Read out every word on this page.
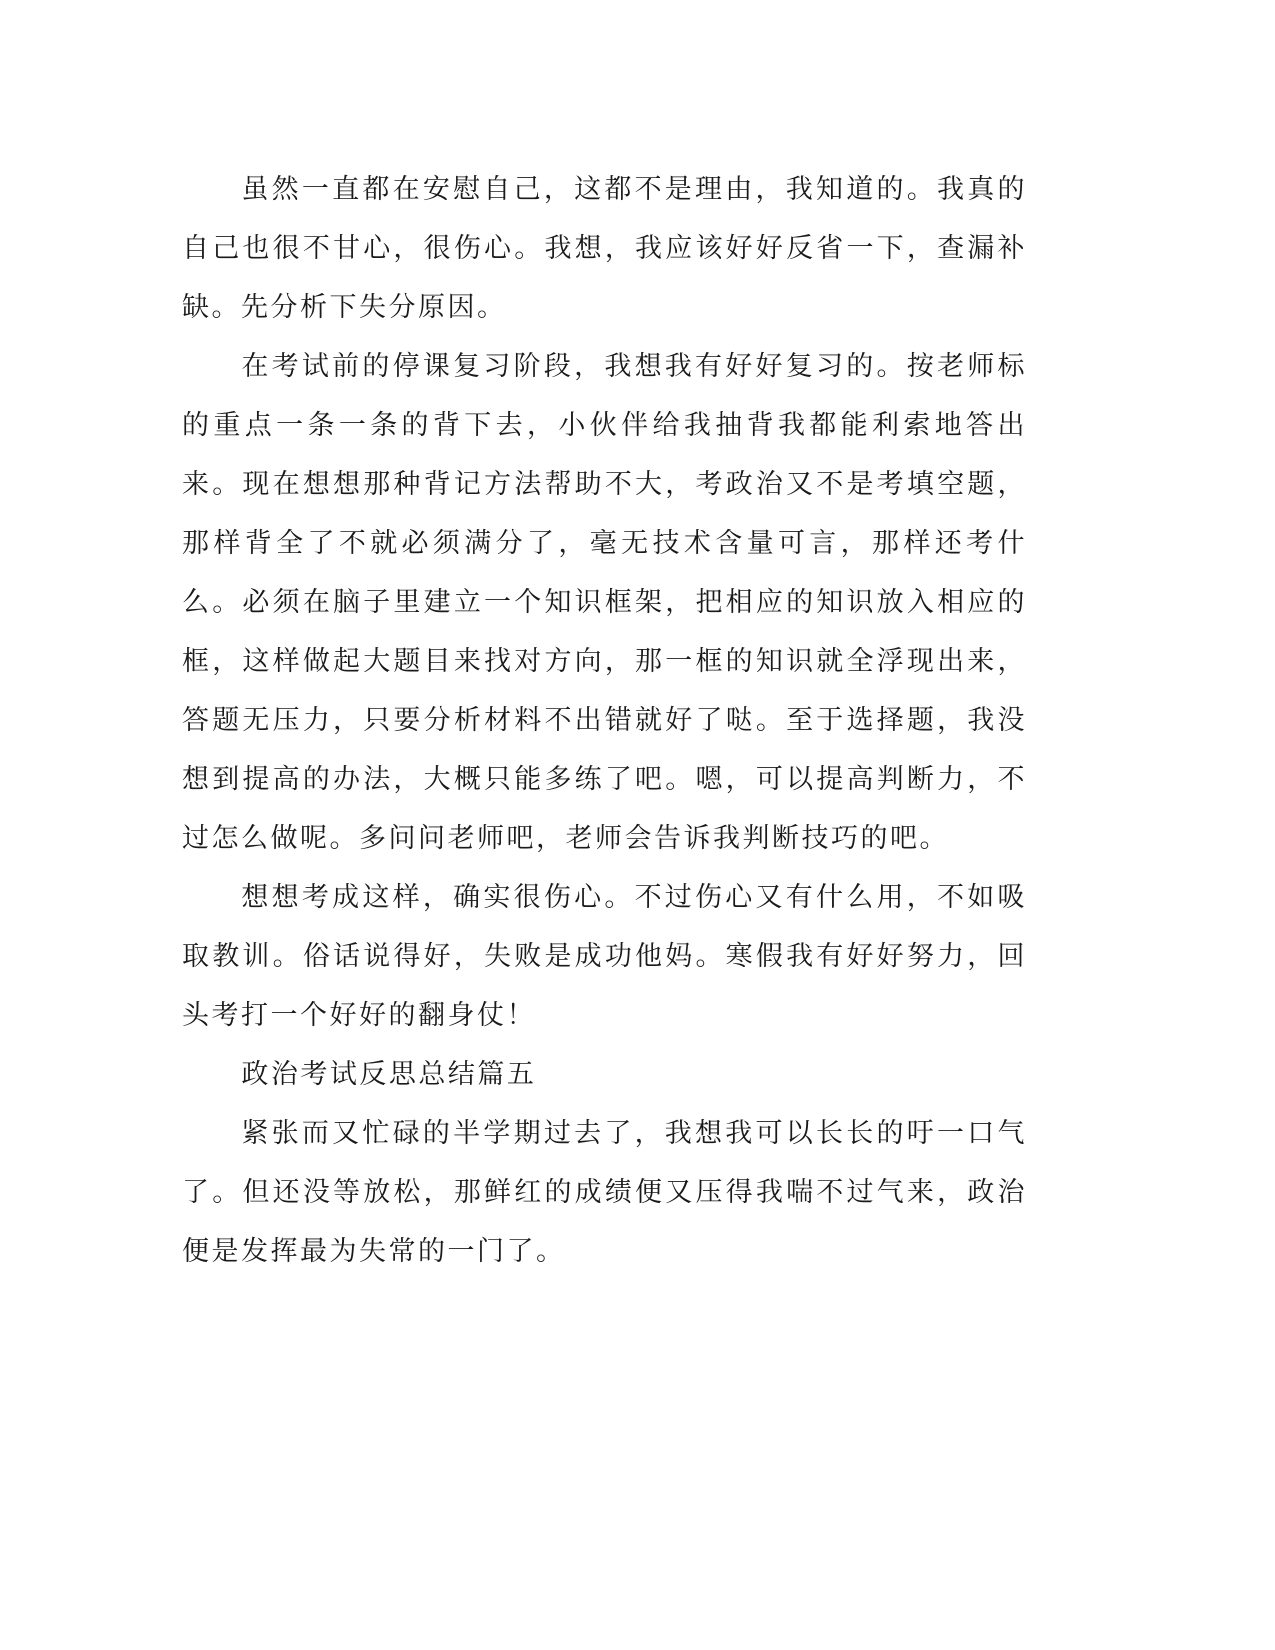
虽然一直都在安慰自己，这都不是理由，我知道的。我真的自己也很不甘心，很伤心。我想，我应该好好反省一下，查漏补缺。先分析下失分原因。

在考试前的停课复习阶段，我想我有好好复习的。按老师标的重点一条一条的背下去，小伙伴给我抽背我都能利索地答出来。现在想想那种背记方法帮助不大，考政治又不是考填空题，那样背全了不就必须满分了，毫无技术含量可言，那样还考什么。必须在脑子里建立一个知识框架，把相应的知识放入相应的框，这样做起大题目来找对方向，那一框的知识就全浮现出来，答题无压力，只要分析材料不出错就好了哒。至于选择题，我没想到提高的办法，大概只能多练了吧。嗯，可以提高判断力，不过怎么做呢。多问问老师吧，老师会告诉我判断技巧的吧。

想想考成这样，确实很伤心。不过伤心又有什么用，不如吸取教训。俗话说得好，失败是成功他妈。寒假我有好好努力，回头考打一个好好的翻身仗！

政治考试反思总结篇五

紧张而又忙碌的半学期过去了，我想我可以长长的吁一口气了。但还没等放松，那鲜红的成绩便又压得我喘不过气来，政治便是发挥最为失常的一门了。
